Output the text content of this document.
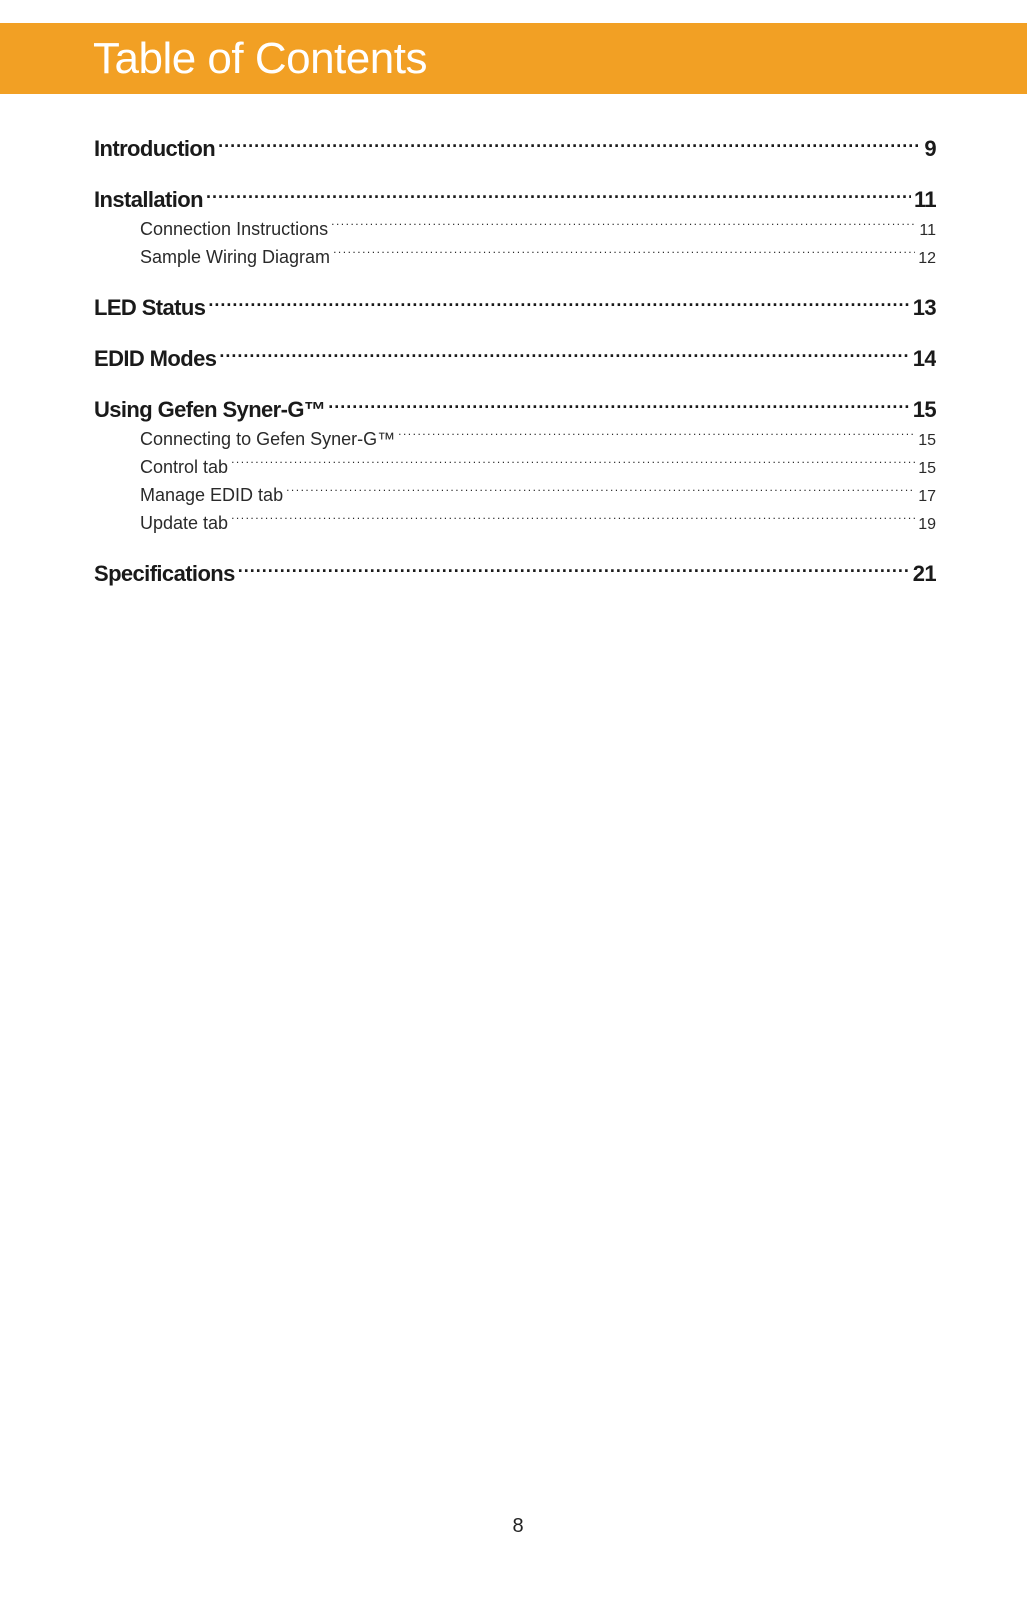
Table of Contents
Introduction .....	9
Installation .....	11
Connection Instructions .....	11
Sample Wiring Diagram .....	12
LED Status .....	13
EDID Modes .....	14
Using Gefen Syner-G™ .....	15
Connecting to Gefen Syner-G™ .....	15
Control tab .....	15
Manage EDID tab .....	17
Update tab .....	19
Specifications .....	21
8
